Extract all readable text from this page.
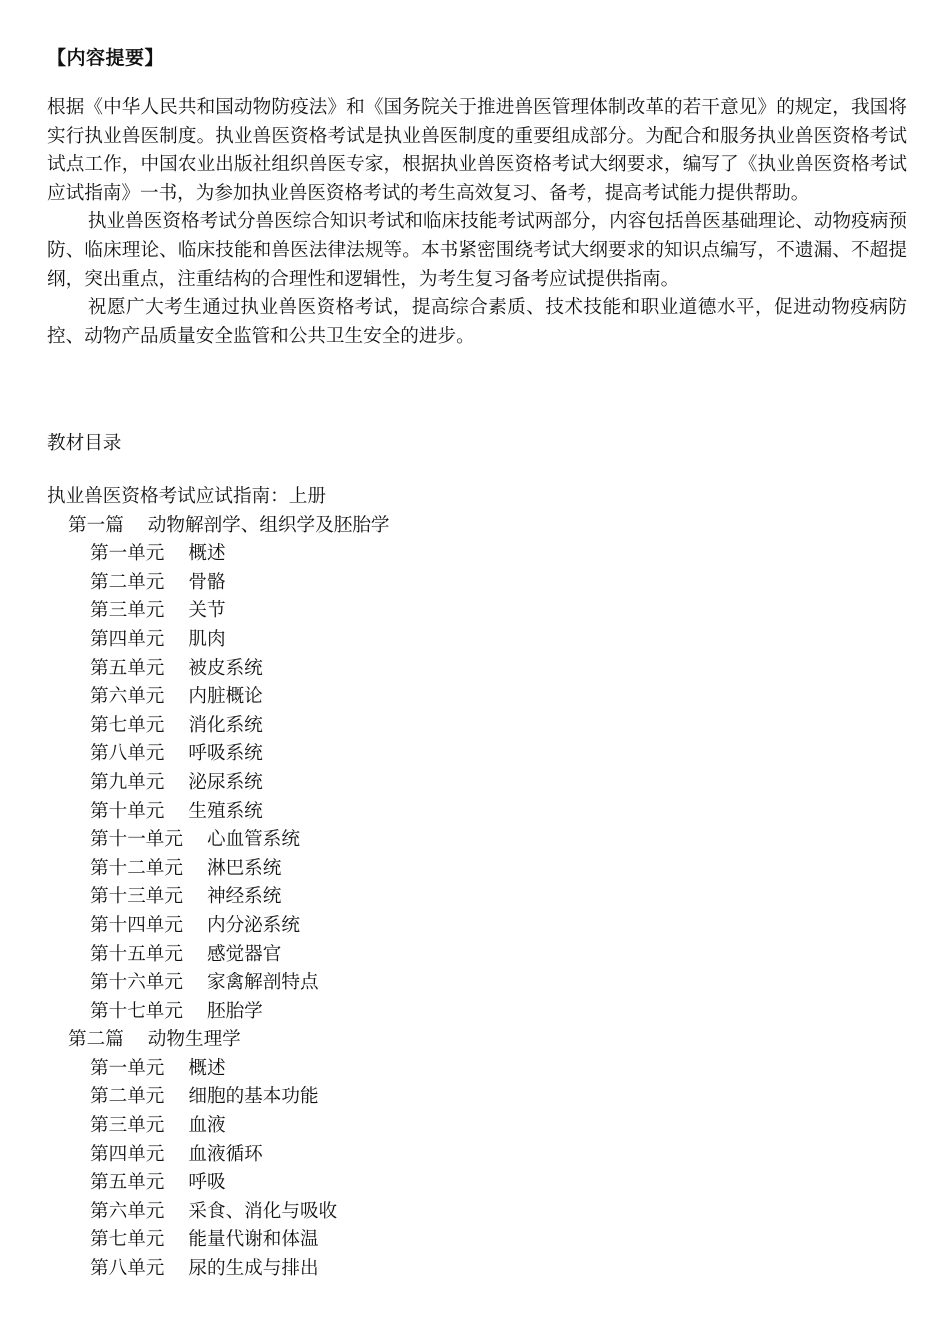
【内容提要】

根据《中华人民共和国动物防疫法》和《国务院关于推进兽医管理体制改革的若干意见》的规定，我国将实行执业兽医制度。执业兽医资格考试是执业兽医制度的重要组成部分。为配合和服务执业兽医资格考试试点工作，中国农业出版社组织兽医专家，根据执业兽医资格考试大纲要求，编写了《执业兽医资格考试应试指南》一书，为参加执业兽医资格考试的考生高效复习、备考，提高考试能力提供帮助。

执业兽医资格考试分兽医综合知识考试和临床技能考试两部分，内容包括兽医基础理论、动物疫病预防、临床理论、临床技能和兽医法律法规等。本书紧密围绕考试大纲要求的知识点编写，不遗漏、不超提纲，突出重点，注重结构的合理性和逻辑性，为考生复习备考应试提供指南。

祝愿广大考生通过执业兽医资格考试，提高综合素质、技术技能和职业道德水平，促进动物疫病防控、动物产品质量安全监管和公共卫生安全的进步。

教材目录
执业兽医资格考试应试指南：上册
第一篇 动物解剖学、组织学及胚胎学
第一单元 概述
第二单元 骨骼
第三单元 关节
第四单元 肌肉
第五单元 被皮系统
第六单元 内脏概论
第七单元 消化系统
第八单元 呼吸系统
第九单元 泌尿系统
第十单元 生殖系统
第十一单元 心血管系统
第十二单元 淋巴系统
第十三单元 神经系统
第十四单元 内分泌系统
第十五单元 感觉器官
第十六单元 家禽解剖特点
第十七单元 胚胎学
第二篇 动物生理学
第一单元 概述
第二单元 细胞的基本功能
第三单元 血液
第四单元 血液循环
第五单元 呼吸
第六单元 采食、消化与吸收
第七单元 能量代谢和体温
第八单元 尿的生成与排出
